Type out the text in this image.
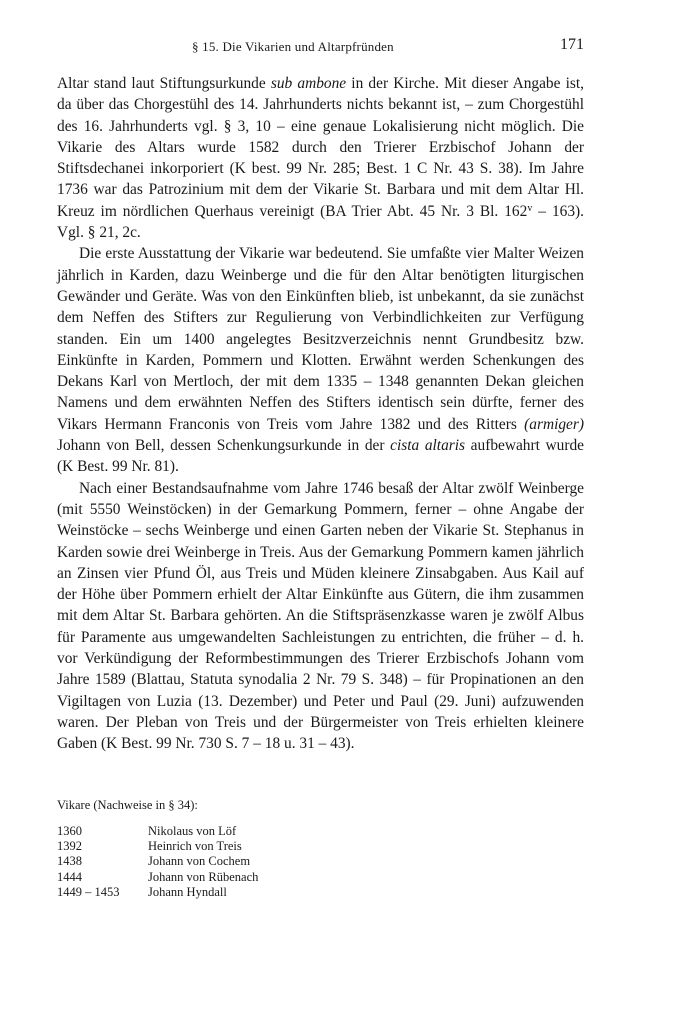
§ 15. Die Vikarien und Altarpfründen	171

Altar stand laut Stiftungsurkunde sub ambone in der Kirche. Mit dieser Angabe ist, da über das Chorgestühl des 14. Jahrhunderts nichts bekannt ist, – zum Chorgestühl des 16. Jahrhunderts vgl. § 3, 10 – eine genaue Lokalisierung nicht möglich. Die Vikarie des Altars wurde 1582 durch den Trierer Erzbischof Johann der Stiftsdechanei inkorporiert (K best. 99 Nr. 285; Best. 1 C Nr. 43 S. 38). Im Jahre 1736 war das Patrozinium mit dem der Vikarie St. Barbara und mit dem Altar Hl. Kreuz im nördlichen Querhaus vereinigt (BA Trier Abt. 45 Nr. 3 Bl. 162$^v$ – 163). Vgl. § 21, 2c.

Die erste Ausstattung der Vikarie war bedeutend. Sie umfaßte vier Malter Weizen jährlich in Karden, dazu Weinberge und die für den Altar benötigten liturgischen Gewänder und Geräte. Was von den Einkünften blieb, ist unbekannt, da sie zunächst dem Neffen des Stifters zur Regulierung von Verbindlichkeiten zur Verfügung standen. Ein um 1400 angelegtes Besitzverzeichnis nennt Grundbesitz bzw. Einkünfte in Karden, Pommern und Klotten. Erwähnt werden Schenkungen des Dekans Karl von Mertloch, der mit dem 1335 – 1348 genannten Dekan gleichen Namens und dem erwähnten Neffen des Stifters identisch sein dürfte, ferner des Vikars Hermann Franconis von Treis vom Jahre 1382 und des Ritters (armiger) Johann von Bell, dessen Schenkungsurkunde in der cista altaris aufbewahrt wurde (K Best. 99 Nr. 81).

Nach einer Bestandsaufnahme vom Jahre 1746 besaß der Altar zwölf Weinberge (mit 5550 Weinstöcken) in der Gemarkung Pommern, ferner – ohne Angabe der Weinstöcke – sechs Weinberge und einen Garten neben der Vikarie St. Stephanus in Karden sowie drei Weinberge in Treis. Aus der Gemarkung Pommern kamen jährlich an Zinsen vier Pfund Öl, aus Treis und Müden kleinere Zinsabgaben. Aus Kail auf der Höhe über Pommern erhielt der Altar Einkünfte aus Gütern, die ihm zusammen mit dem Altar St. Barbara gehörten. An die Stiftspräsenzkasse waren je zwölf Albus für Paramente aus umgewandelten Sachleistungen zu entrichten, die früher – d. h. vor Verkündigung der Reformbestimmungen des Trierer Erzbischofs Johann vom Jahre 1589 (Blattau, Statuta synodalia 2 Nr. 79 S. 348) – für Propinationen an den Vigiltagen von Luzia (13. Dezember) und Peter und Paul (29. Juni) aufzuwenden waren. Der Pleban von Treis und der Bürgermeister von Treis erhielten kleinere Gaben (K Best. 99 Nr. 730 S. 7 – 18 u. 31 – 43).

Vikare (Nachweise in § 34):
1360	Nikolaus von Löf
1392	Heinrich von Treis
1438	Johann von Cochem
1444	Johann von Rübenach
1449 – 1453	Johann Hyndall
